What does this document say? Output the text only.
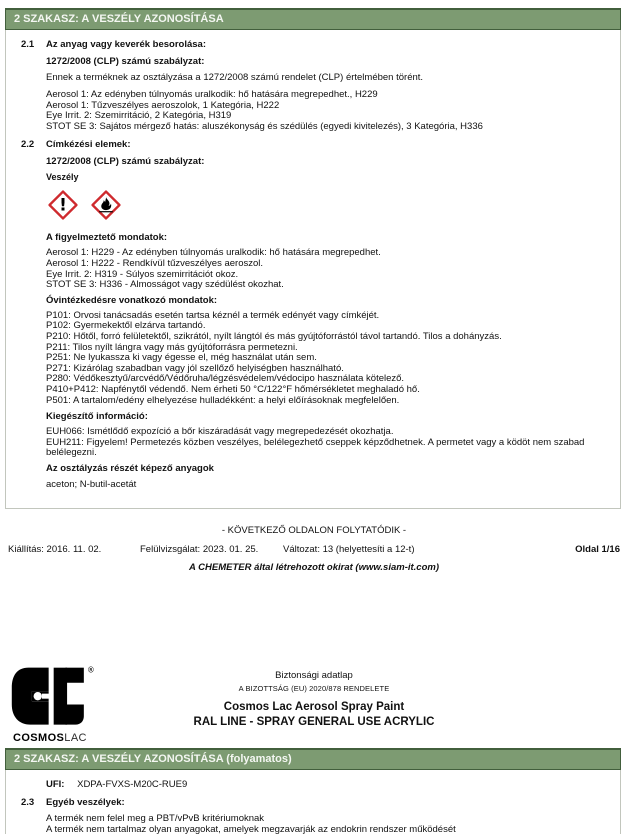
2 SZAKASZ: A VESZÉLY AZONOSÍTÁSA
2.1 Az anyag vagy keverék besorolása:
1272/2008 (CLP) számú szabályzat:
Ennek a terméknek az osztályzása a 1272/2008 számú rendelet (CLP) értelmében törént.
Aerosol 1: Az edényben túlnyomás uralkodik: hő hatására megrepedhet., H229
Aerosol 1: Tűzveszélyes aeroszolok, 1 Kategória, H222
Eye Irrit. 2: Szemirritáció, 2 Kategória, H319
STOT SE 3: Sajátos mérgező hatás: aluszékonyság és szédülés (egyedi kivitelezés), 3 Kategória, H336
2.2 Címkézési elemek:
1272/2008 (CLP) számú szabályzat:
Veszély
!
A figyelmeztető mondatok:
Aerosol 1: H229 - Az edényben túlnyomás uralkodik: hő hatására megrepedhet.
Aerosol 1: H222 - Rendkívül tűzveszélyes aeroszol.
Eye Irrit. 2: H319 - Súlyos szemirritációt okoz.
STOT SE 3: H336 - Almosságot vagy szédülést okozhat.
Óvintézkedésre vonatkozó mondatok:
P101: Orvosi tanácsadás esetén tartsa kéznél a termék edényét vagy címkéjét.
P102: Gyermekektől elzárva tartandó.
P210: Hőtől, forró felületektől, szikrától, nyílt lángtól és más gyújtóforrástól távol tartandó. Tilos a dohányzás.
P211: Tilos nyílt lángra vagy más gyújtóforrásra permetezni.
P251: Ne lyukassza ki vagy égesse el, még használat után sem.
P271: Kizárólag szabadban vagy jól szellőző helyiségben használható.
P280: Védőkesztyű/arcvédő/Védőruha/légzésvédelem/védocipo használata kötelező.
P410+P412: Napfénytől védendő. Nem érheti 50 °C/122°F hőmérsékletet meghaladó hő.
P501: A tartalom/edény elhelyezése hulladékként: a helyi előírásoknak megfelelően.
Kiegészítő információ:
EUH066: Ismétlődő expozíció a bőr kiszáradását vagy megrepedezését okozhatja.
EUH211: Figyelem! Permetezés közben veszélyes, belélegezhető cseppek képződhetnek. A permetet vagy a ködöt nem szabad belélegezni.
Az osztályzás részét képező anyagok
aceton; N-butil-acetát
- KÖVETKEZŐ OLDALON FOLYTATÓDIK -
Kiállítás: 2016. 11. 02.	Felülvizsgálat: 2023. 01. 25.	Változat: 13 (helyettesíti a 12-t)	Oldal 1/16
A CHEMETER által létrehozott okirat (www.siam-it.com)
®
COSMOSLAC
Biztonsági adatlap
A BIZOTTSÁG (EU) 2020/878 RENDELETE
Cosmos Lac Aerosol Spray Paint
RAL LINE - SPRAY GENERAL USE ACRYLIC
2 SZAKASZ: A VESZÉLY AZONOSÍTÁSA (folyamatos)
UFI: XDPA-FVXS-M20C-RUE9
2.3 Egyéb veszélyek:
A termék nem felel meg a PBT/vPvB kritériumoknak
A termék nem tartalmaz olyan anyagokat, amelyek megzavarják az endokrin rendszer működését
